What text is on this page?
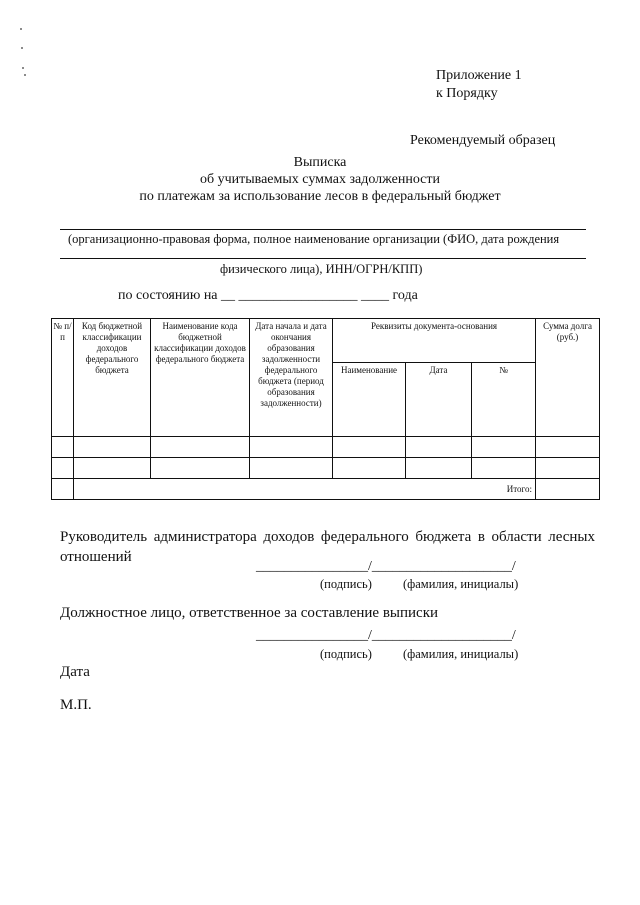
Приложение 1
к Порядку
Рекомендуемый образец
Выписка
об учитываемых суммах задолженности
по платежам за использование лесов в федеральный бюджет
(организационно-правовая форма, полное наименование организации (ФИО, дата рождения
физического лица), ИНН/ОГРН/КПП)
по состоянию на __ _________________ ____ года
№ п/п	Код бюджетной классификации доходов федерального бюджета	Наименование кода бюджетной классификации доходов федерального бюджета	Дата начала и дата окончания образования задолженности федерального бюджета (период образования задолженности)	Реквизиты документа-основания			Сумма долга (руб.)
				Наименование	Дата	№	

	Итого:						
Руководитель администратора доходов федерального бюджета в области лесных отношений
________________/____________________/
(подпись) (фамилия, инициалы)
Должностное лицо, ответственное за составление выписки
________________/____________________/
(подпись) (фамилия, инициалы)
Дата
М.П.
